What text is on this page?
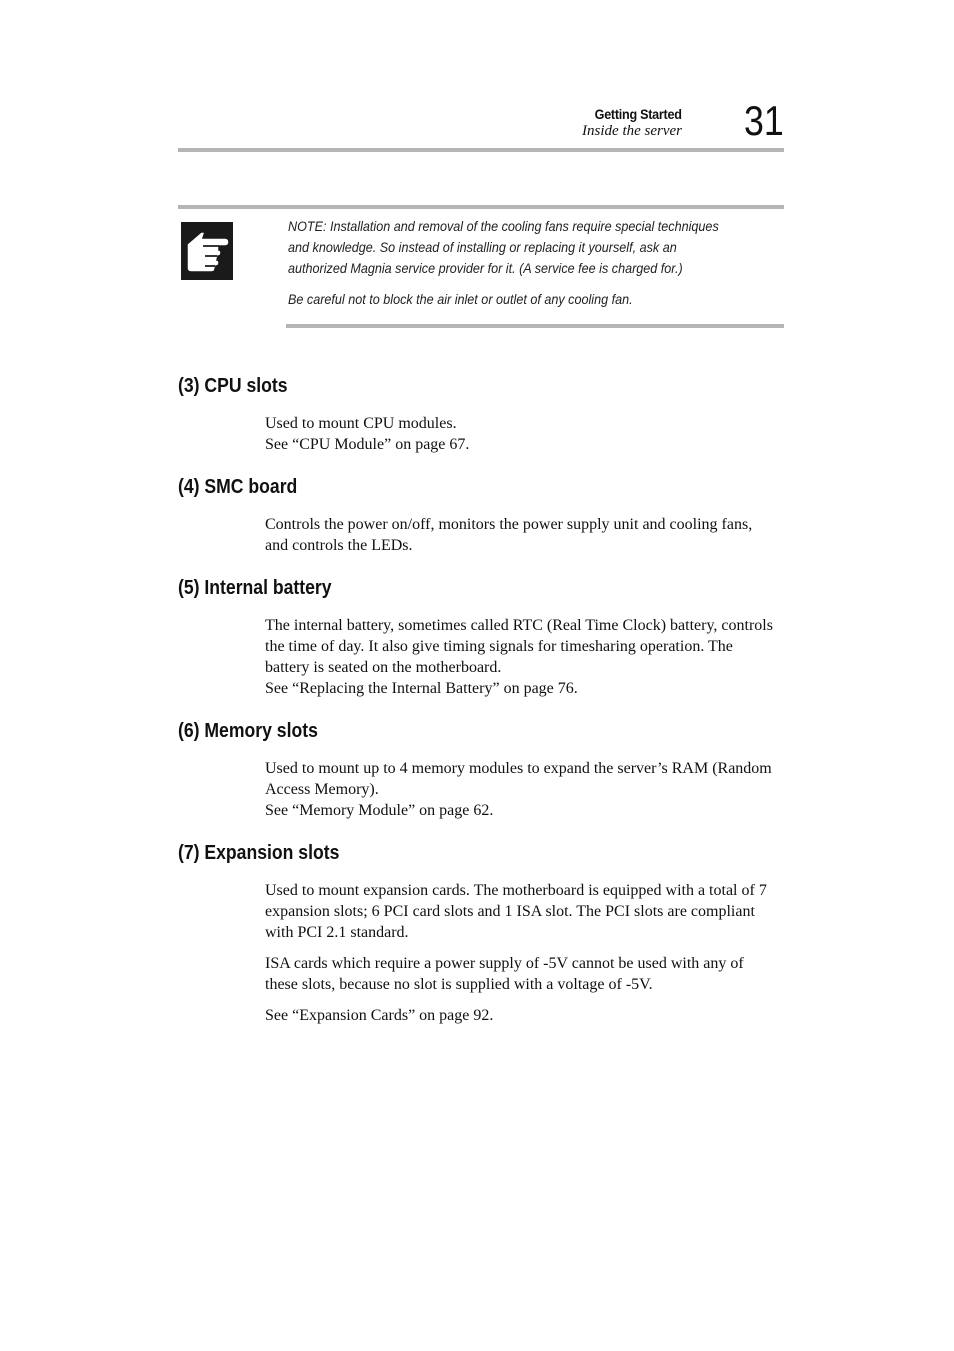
Getting Started
Inside the server 31

NOTE: Installation and removal of the cooling fans require special techniques

and knowledge. So instead of installing or replacing it yourself, ask an

authorized Magnia service provider for it. (A service fee is charged for.)

Be careful not to block the air inlet or outlet of any cooling fan.

(3) CPU slots

Used to mount CPU modules.

See “CPU Module” on page 67.

(4) SMC board

Controls the power on/off, monitors the power supply unit and cooling fans,

and controls the LEDs.

(5) Internal battery

The internal battery, sometimes called RTC (Real Time Clock) battery, controls

the time of day. It also give timing signals for timesharing operation. The

battery is seated on the motherboard.

See “Replacing the Internal Battery” on page 76.

(6) Memory slots

Used to mount up to 4 memory modules to expand the server’s RAM (Random

Access Memory).

See “Memory Module” on page 62.

(7) Expansion slots

Used to mount expansion cards. The motherboard is equipped with a total of 7

expansion slots; 6 PCI card slots and 1 ISA slot. The PCI slots are compliant

with PCI 2.1 standard.

ISA cards which require a power supply of -5V cannot be used with any of

these slots, because no slot is supplied with a voltage of -5V.

See “Expansion Cards” on page 92.
